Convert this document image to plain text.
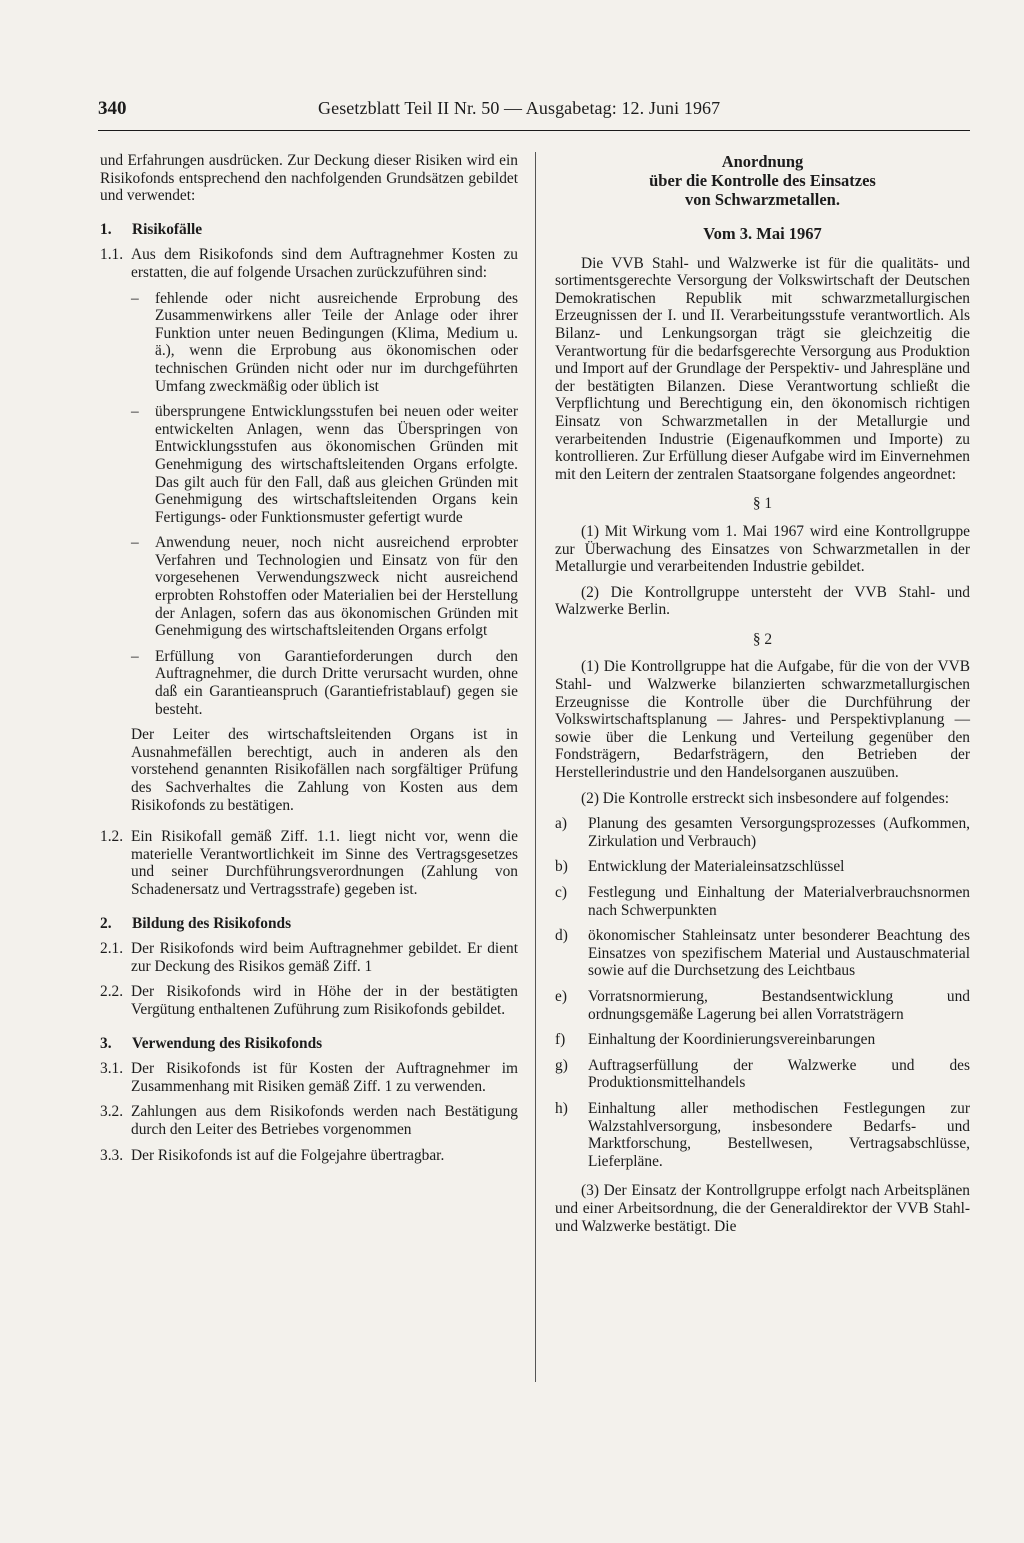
340	Gesetzblatt Teil II Nr. 50 — Ausgabetag: 12. Juni 1967

und Erfahrungen ausdrücken. Zur Deckung dieser Risiken wird ein Risikofonds entsprechend den nachfolgenden Grundsätzen gebildet und verwendet:

1.	Risikofälle
1.1. Aus dem Risikofonds sind dem Auftragnehmer Kosten zu erstatten, die auf folgende Ursachen zurückzuführen sind:
–	fehlende oder nicht ausreichende Erprobung des Zusammenwirkens aller Teile der Anlage oder ihrer Funktion unter neuen Bedingungen (Klima, Medium u. ä.), wenn die Erprobung aus ökonomischen oder technischen Gründen nicht oder nur im durchgeführten Umfang zweckmäßig oder üblich ist
–	übersprungene Entwicklungsstufen bei neuen oder weiter entwickelten Anlagen, wenn das Überspringen von Entwicklungsstufen aus ökonomischen Gründen mit Genehmigung des wirtschaftsleitenden Organs erfolgte. Das gilt auch für den Fall, daß aus gleichen Gründen mit Genehmigung des wirtschaftsleitenden Organs kein Fertigungs- oder Funktionsmuster gefertigt wurde
–	Anwendung neuer, noch nicht ausreichend erprobter Verfahren und Technologien und Einsatz von für den vorgesehenen Verwendungszweck nicht ausreichend erprobten Rohstoffen oder Materialien bei der Herstellung der Anlagen, sofern das aus ökonomischen Gründen mit Genehmigung des wirtschaftsleitenden Organs erfolgt
–	Erfüllung von Garantieforderungen durch den Auftragnehmer, die durch Dritte verursacht wurden, ohne daß ein Garantieanspruch (Garantiefristablauf) gegen sie besteht.

Der Leiter des wirtschaftsleitenden Organs ist in Ausnahmefällen berechtigt, auch in anderen als den vorstehend genannten Risikofällen nach sorgfältiger Prüfung des Sachverhaltes die Zahlung von Kosten aus dem Risikofonds zu bestätigen.

1.2. Ein Risikofall gemäß Ziff. 1.1. liegt nicht vor, wenn die materielle Verantwortlichkeit im Sinne des Vertragsgesetzes und seiner Durchführungsverordnungen (Zahlung von Schadenersatz und Vertragsstrafe) gegeben ist.
2.	Bildung des Risikofonds
2.1. Der Risikofonds wird beim Auftragnehmer gebildet. Er dient zur Deckung des Risikos gemäß Ziff. 1
2.2. Der Risikofonds wird in Höhe der in der bestätigten Vergütung enthaltenen Zuführung zum Risikofonds gebildet.
3.	Verwendung des Risikofonds
3.1. Der Risikofonds ist für Kosten der Auftragnehmer im Zusammenhang mit Risiken gemäß Ziff. 1 zu verwenden.
3.2. Zahlungen aus dem Risikofonds werden nach Bestätigung durch den Leiter des Betriebes vorgenommen
3.3. Der Risikofonds ist auf die Folgejahre übertragbar.
Anordnung
über die Kontrolle des Einsatzes
von Schwarzmetallen.
Vom 3. Mai 1967

Die VVB Stahl- und Walzwerke ist für die qualitäts- und sortimentsgerechte Versorgung der Volkswirtschaft der Deutschen Demokratischen Republik mit schwarzmetallurgischen Erzeugnissen der I. und II. Verarbeitungsstufe verantwortlich. Als Bilanz- und Lenkungsorgan trägt sie gleichzeitig die Verantwortung für die bedarfsgerechte Versorgung aus Produktion und Import auf der Grundlage der Perspektiv- und Jahrespläne und der bestätigten Bilanzen. Diese Verantwortung schließt die Verpflichtung und Berechtigung ein, den ökonomisch richtigen Einsatz von Schwarzmetallen in der Metallurgie und verarbeitenden Industrie (Eigenaufkommen und Importe) zu kontrollieren. Zur Erfüllung dieser Aufgabe wird im Einvernehmen mit den Leitern der zentralen Staatsorgane folgendes angeordnet:

§ 1

(1) Mit Wirkung vom 1. Mai 1967 wird eine Kontrollgruppe zur Überwachung des Einsatzes von Schwarzmetallen in der Metallurgie und verarbeitenden Industrie gebildet.

(2) Die Kontrollgruppe untersteht der VVB Stahl- und Walzwerke Berlin.

§ 2

(1) Die Kontrollgruppe hat die Aufgabe, für die von der VVB Stahl- und Walzwerke bilanzierten schwarzmetallurgischen Erzeugnisse die Kontrolle über die Durchführung der Volkswirtschaftsplanung — Jahres- und Perspektivplanung — sowie über die Lenkung und Verteilung gegenüber den Fondsträgern, Bedarfsträgern, den Betrieben der Herstellerindustrie und den Handelsorganen auszuüben.

(2) Die Kontrolle erstreckt sich insbesondere auf folgendes:

a)	Planung des gesamten Versorgungsprozesses (Aufkommen, Zirkulation und Verbrauch)
b)	Entwicklung der Materialeinsatzschlüssel
c)	Festlegung und Einhaltung der Materialverbrauchsnormen nach Schwerpunkten
d)	ökonomischer Stahleinsatz unter besonderer Beachtung des Einsatzes von spezifischem Material und Austauschmaterial sowie auf die Durchsetzung des Leichtbaus
e)	Vorratsnormierung, Bestandsentwicklung und ordnungsgemäße Lagerung bei allen Vorratsträgern
f)	Einhaltung der Koordinierungsvereinbarungen
g)	Auftragserfüllung der Walzwerke und des Produktionsmittelhandels
h)	Einhaltung aller methodischen Festlegungen zur Walzstahlversorgung, insbesondere Bedarfs- und Marktforschung, Bestellwesen, Vertragsabschlüsse, Lieferpläne.

(3) Der Einsatz der Kontrollgruppe erfolgt nach Arbeitsplänen und einer Arbeitsordnung, die der Generaldirektor der VVB Stahl- und Walzwerke bestätigt. Die
